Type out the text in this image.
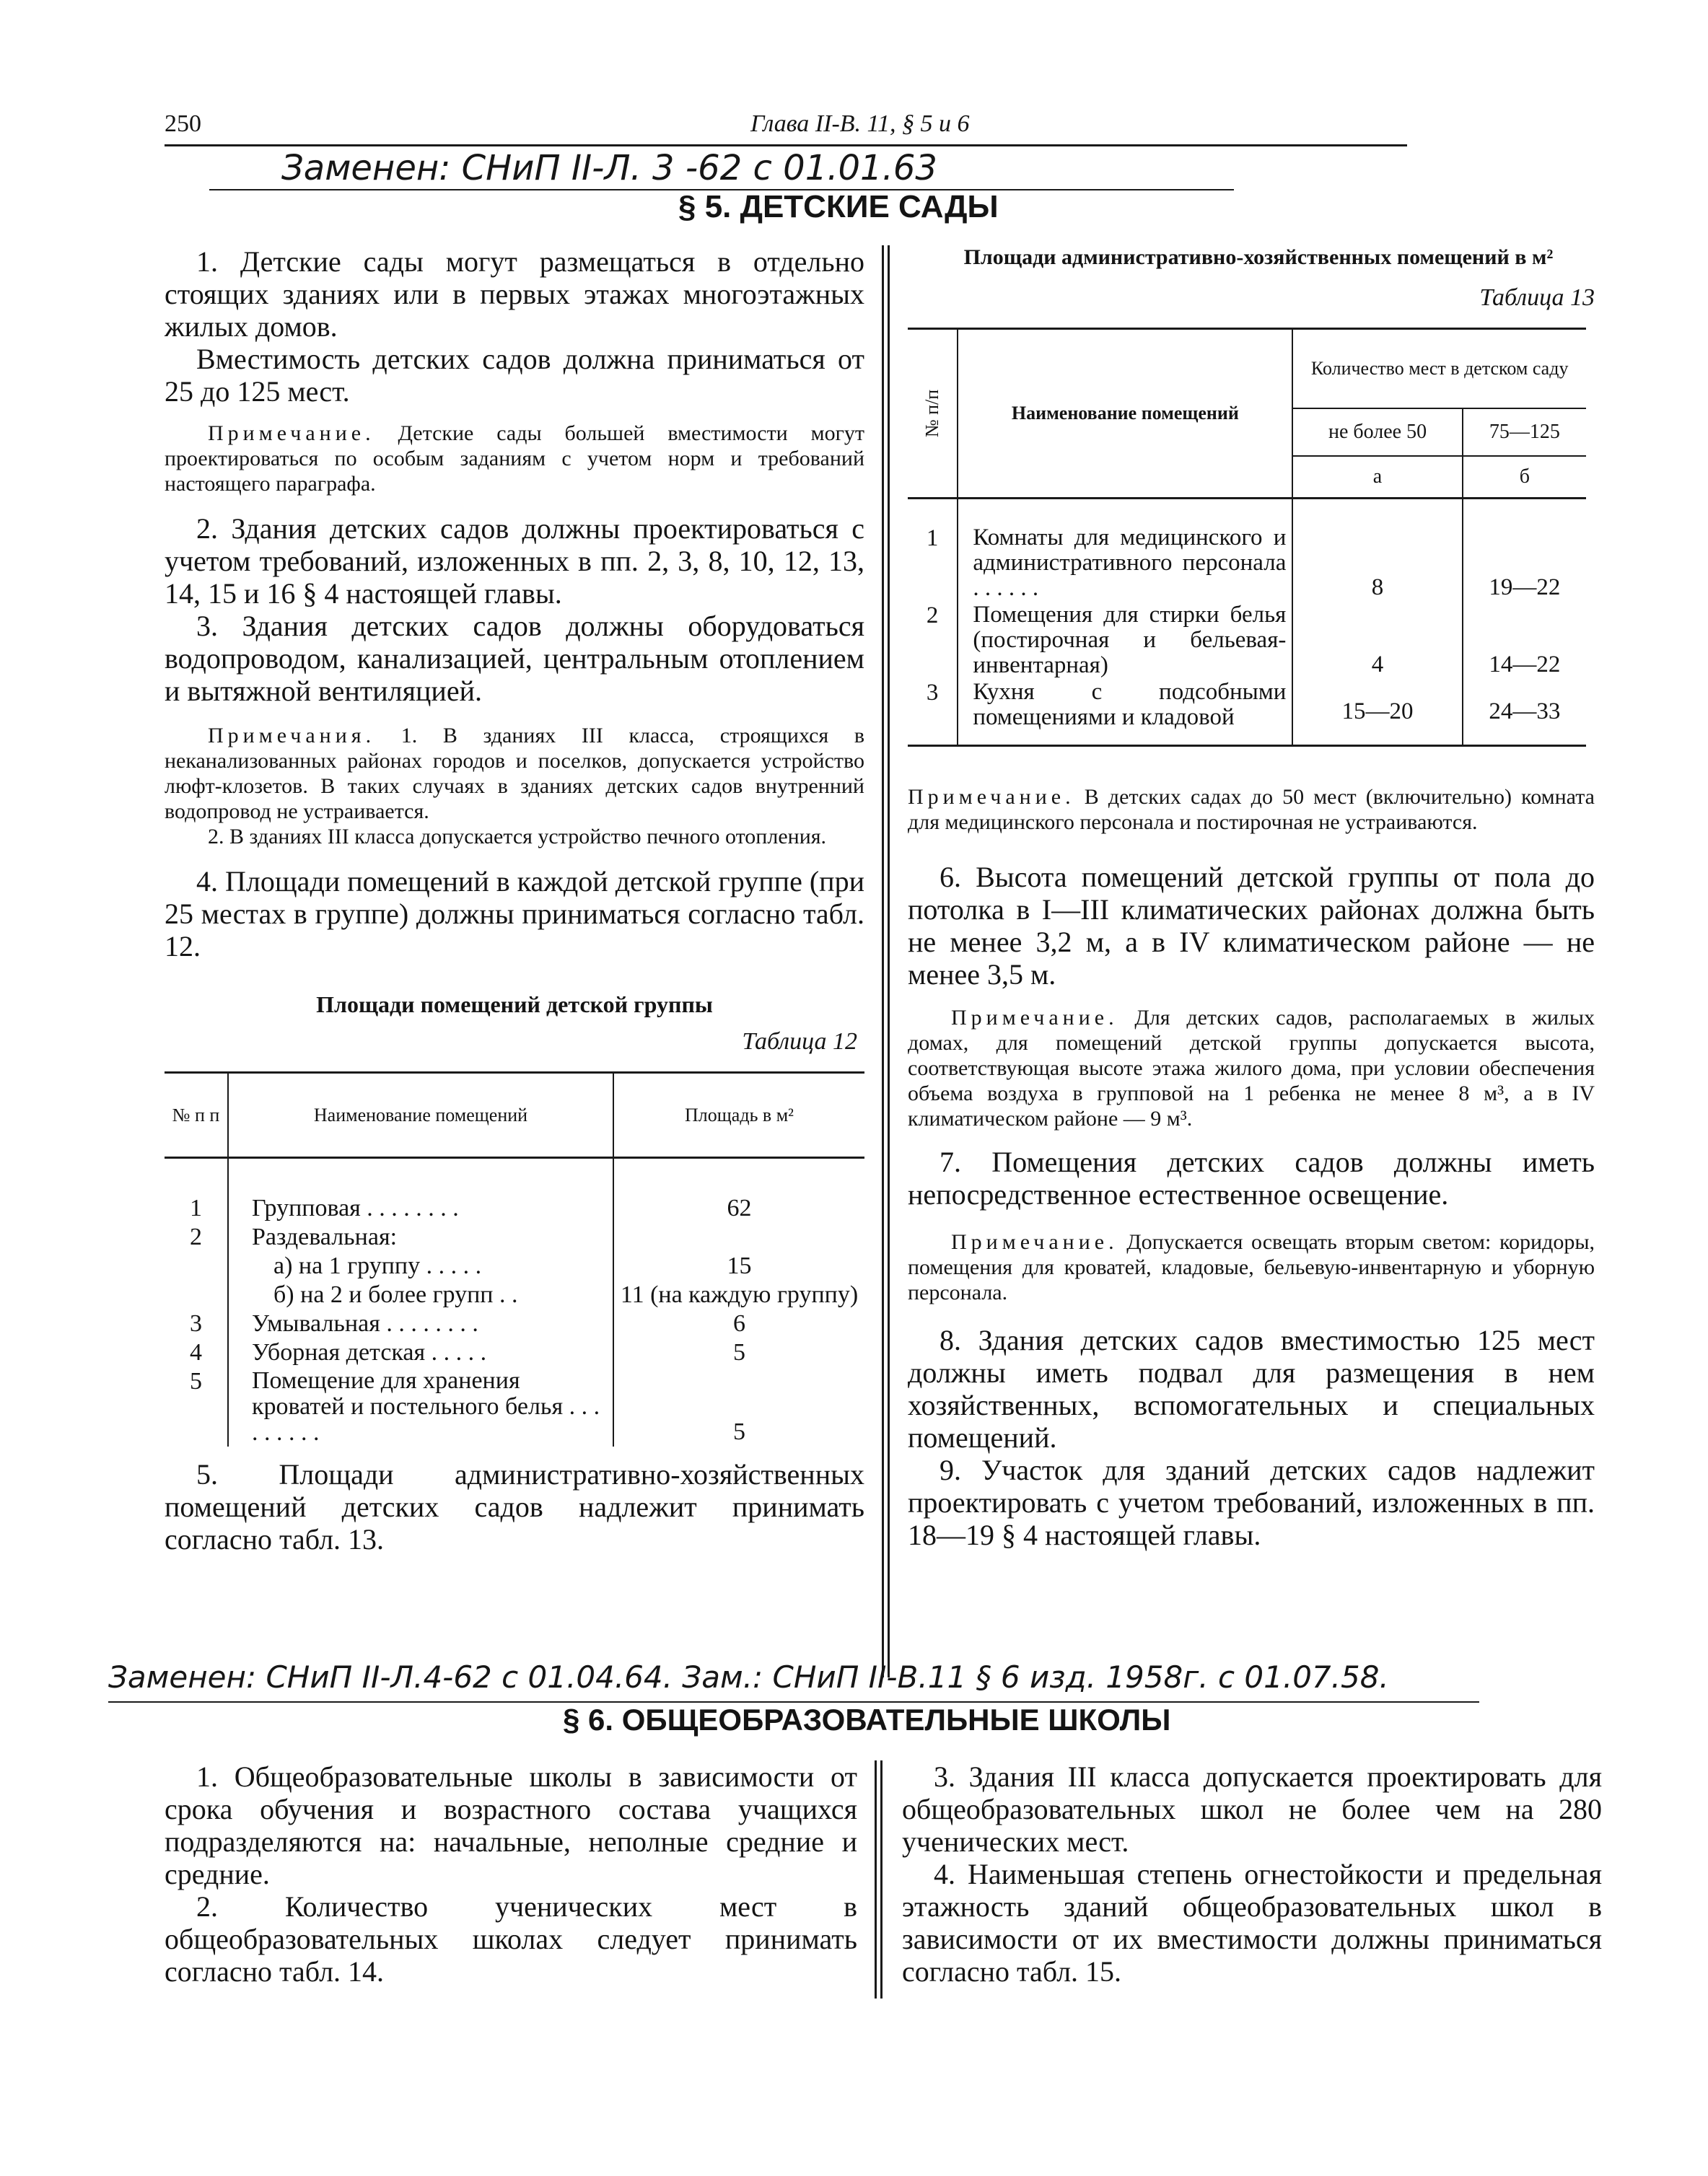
250	Глава II-В. 11, § 5 и 6
Заменен: СНиП II-Л. 3 -62 с 01.01.63
§ 5. ДЕТСКИЕ САДЫ
1. Детские сады могут размещаться в отдельно стоящих зданиях или в первых этажах многоэтажных жилых домов.
Вместимость детских садов должна приниматься от 25 до 125 мест.
Примечание. Детские сады большей вместимости могут проектироваться по особым заданиям с учетом норм и требований настоящего параграфа.
2. Здания детских садов должны проектироваться с учетом требований, изложенных в пп. 2, 3, 8, 10, 12, 13, 14, 15 и 16 § 4 настоящей главы.
3. Здания детских садов должны оборудоваться водопроводом, канализацией, центральным отоплением и вытяжной вентиляцией.
Примечания. 1. В зданиях III класса, строящихся в неканализованных районах городов и поселков, допускается устройство люфт-клозетов. В таких случаях в зданиях детских садов внутренний водопровод не устраивается.
2. В зданиях III класса допускается устройство печного отопления.
4. Площади помещений в каждой детской группе (при 25 местах в группе) должны приниматься согласно табл. 12.
Площади помещений детской группы
Таблица 12
№ п п	Наименование помещений	Площадь в м²

1	Групповая . . . . . . . .	62
2	Раздевальная:	
	а) на 1 группу . . . . .	15
	б) на 2 и более групп . .	11 (на каждую группу)
3	Умывальная . . . . . . . .	6
4	Уборная детская . . . . .	5
5	Помещение для хранения кроватей и постельного белья . . . . . . . . .	5
5. Площади административно-хозяйственных помещений детских садов надлежит принимать согласно табл. 13.
Площади административно-хозяйственных помещений в м²
Таблица 13
№ п/п	Наименование помещений	Количество мест в детском саду	
		не более 50	75—125
		а	б

1	Комнаты для медицинского и административного персонала . . . . . .	8	19—22
2	Помещения для стирки белья (постирочная и бельевая-инвентарная)	4	14—22
3	Кухня с подсобными помещениями и кладовой	15—20	24—33
Примечание. В детских садах до 50 мест (включительно) комната для медицинского персонала и постирочная не устраиваются.
6. Высота помещений детской группы от пола до потолка в I—III климатических районах должна быть не менее 3,2 м, а в IV климатическом районе — не менее 3,5 м.
Примечание. Для детских садов, располагаемых в жилых домах, для помещений детской группы допускается высота, соответствующая высоте этажа жилого дома, при условии обеспечения объема воздуха в групповой на 1 ребенка не менее 8 м³, а в IV климатическом районе — 9 м³.
7. Помещения детских садов должны иметь непосредственное естественное освещение.
Примечание. Допускается освещать вторым светом: коридоры, помещения для кроватей, кладовые, бельевую-инвентарную и уборную персонала.
8. Здания детских садов вместимостью 125 мест должны иметь подвал для размещения в нем хозяйственных, вспомогательных и специальных помещений.
9. Участок для зданий детских садов надлежит проектировать с учетом требований, изложенных в пп. 18—19 § 4 настоящей главы.
Заменен: СНиП II-Л.4-62 с 01.04.64. Зам.: СНиП II-В.11 § 6 изд. 1958г. с 01.07.58.
§ 6. ОБЩЕОБРАЗОВАТЕЛЬНЫЕ ШКОЛЫ
1. Общеобразовательные школы в зависимости от срока обучения и возрастного состава учащихся подразделяются на: начальные, неполные средние и средние.
2. Количество ученических мест в общеобразовательных школах следует принимать согласно табл. 14.
3. Здания III класса допускается проектировать для общеобразовательных школ не более чем на 280 ученических мест.
4. Наименьшая степень огнестойкости и предельная этажность зданий общеобразовательных школ в зависимости от их вместимости должны приниматься согласно табл. 15.
